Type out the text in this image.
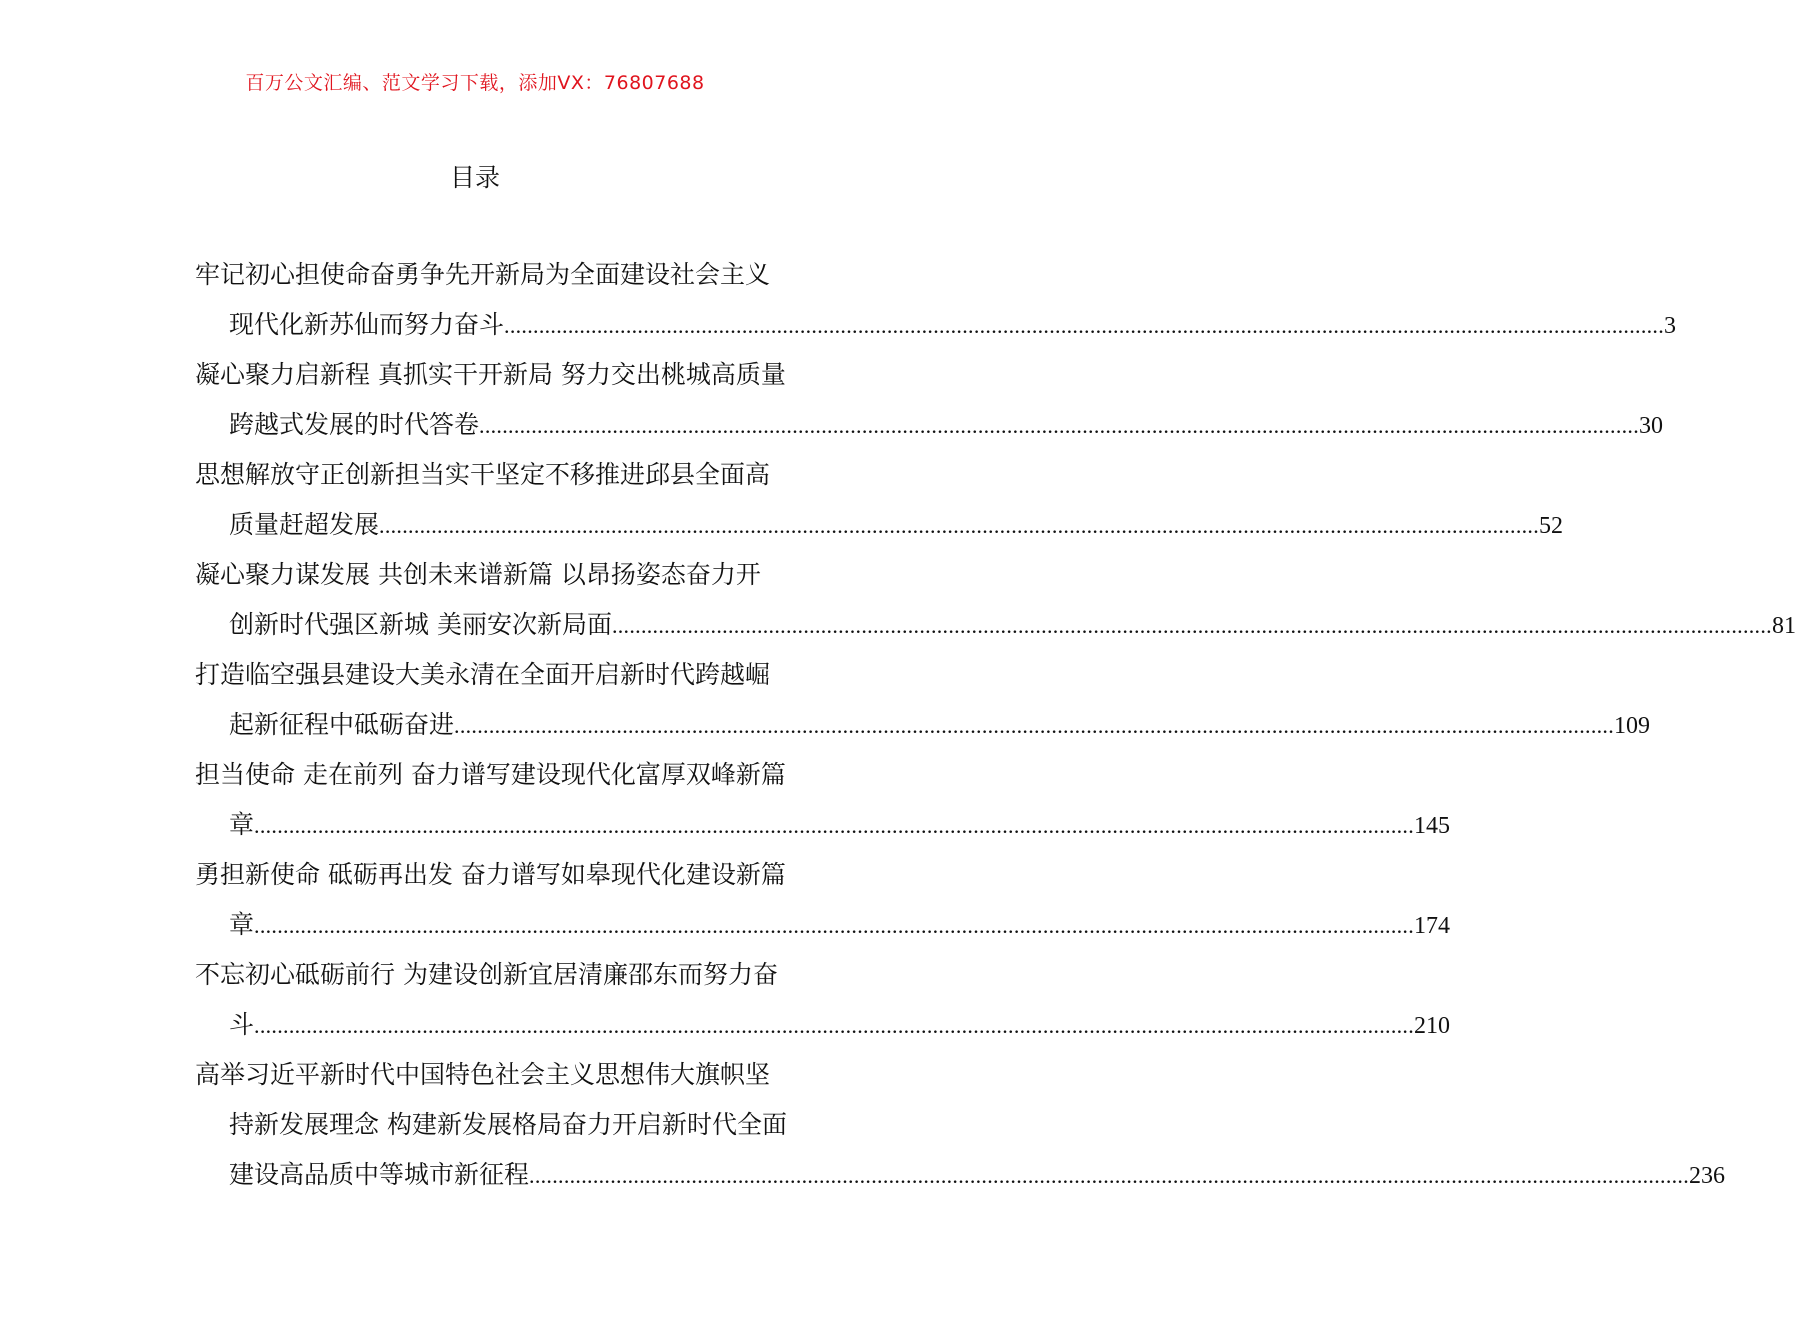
百万公文汇编、范文学习下载，添加VX：76807688
目录
牢记初心担使命奋勇争先开新局为全面建设社会主义
现代化新苏仙而努力奋斗 .....	3
凝心聚力启新程 真抓实干开新局 努力交出桃城高质量
跨越式发展的时代答卷 .....	30
思想解放守正创新担当实干坚定不移推进邱县全面高
质量赶超发展 .....	52
凝心聚力谋发展 共创未来谱新篇 以昂扬姿态奋力开
创新时代强区新城 美丽安次新局面 .....	81
打造临空强县建设大美永清在全面开启新时代跨越崛
起新征程中砥砺奋进 .....	109
担当使命 走在前列 奋力谱写建设现代化富厚双峰新篇
章 .....	145
勇担新使命 砥砺再出发 奋力谱写如皋现代化建设新篇
章 .....	174
不忘初心砥砺前行 为建设创新宜居清廉邵东而努力奋
斗 .....	210
高举习近平新时代中国特色社会主义思想伟大旗帜坚
持新发展理念 构建新发展格局奋力开启新时代全面
建设高品质中等城市新征程 .....	236
